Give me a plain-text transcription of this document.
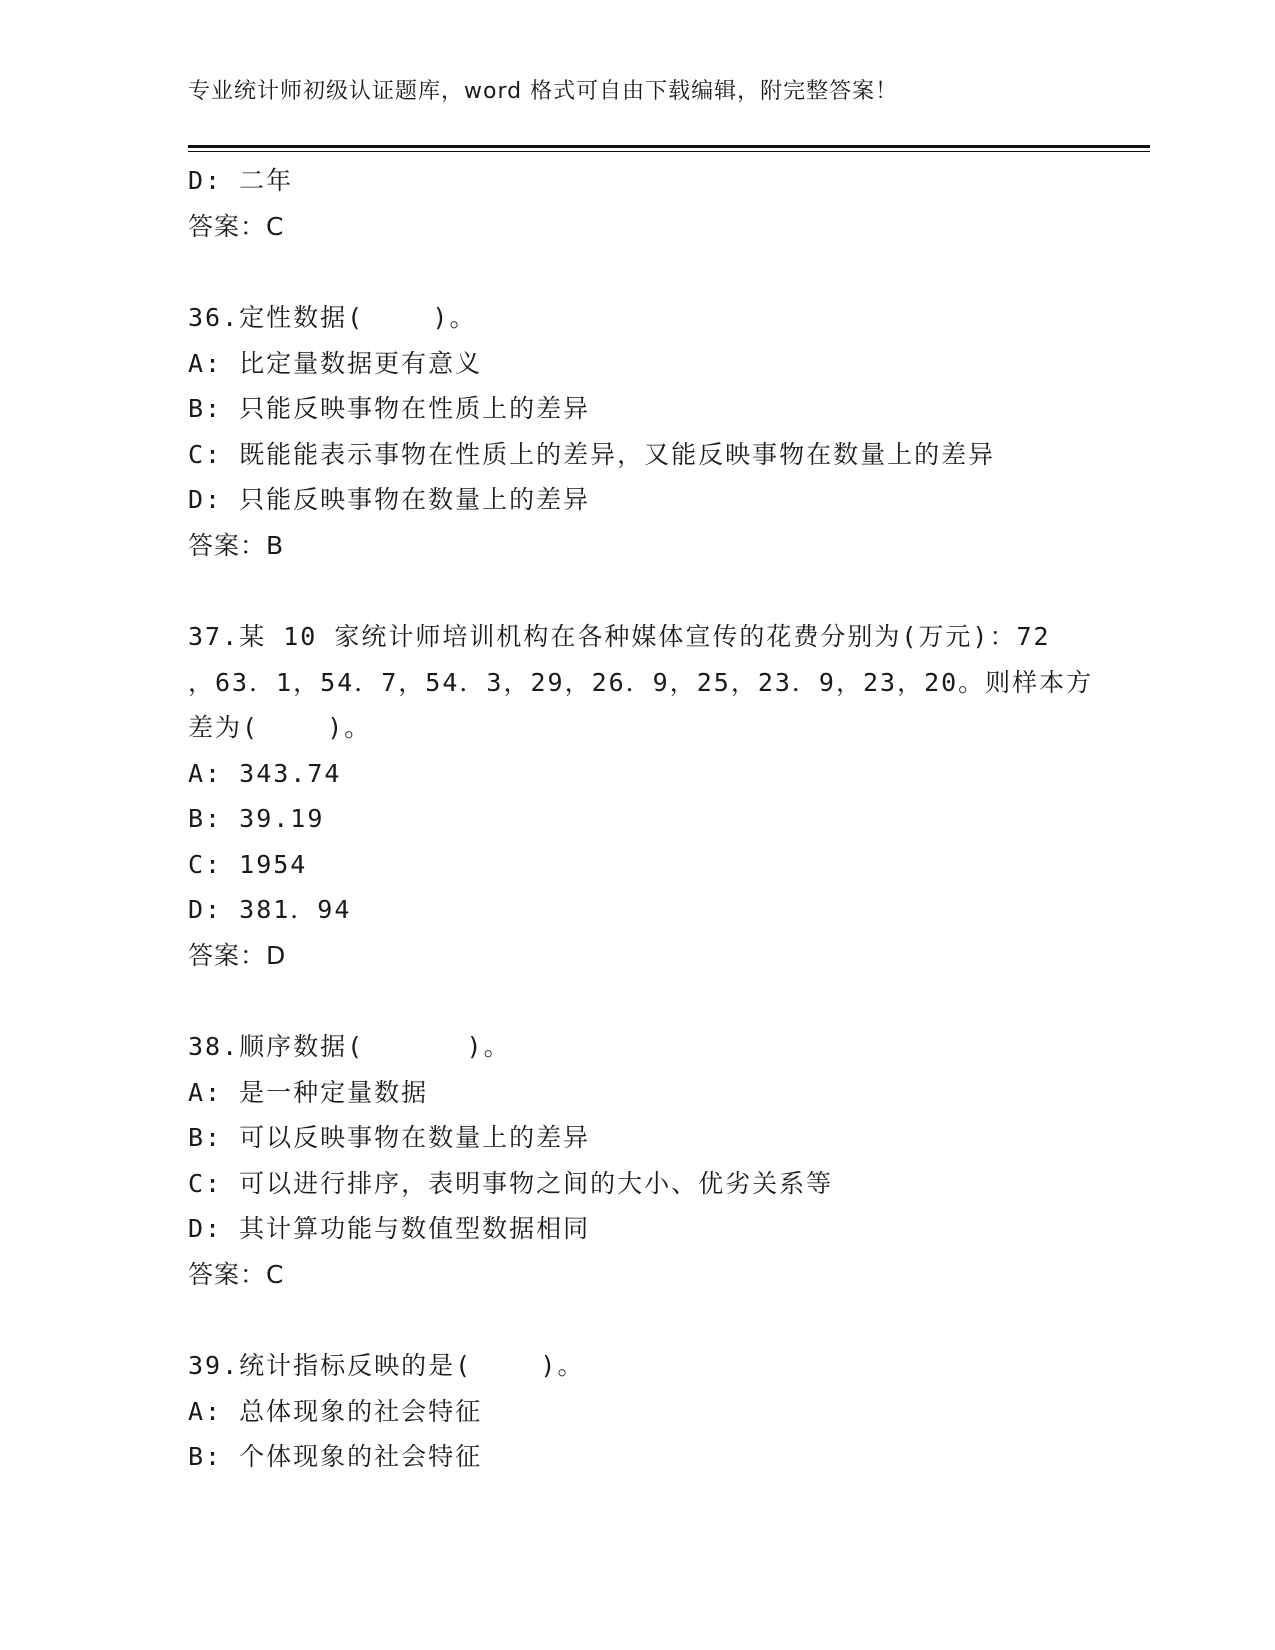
专业统计师初级认证题库，word 格式可自由下载编辑，附完整答案！
D: 二年
答案：C
36.定性数据(    )。
A: 比定量数据更有意义
B: 只能反映事物在性质上的差异
C: 既能能表示事物在性质上的差异，又能反映事物在数量上的差异
D: 只能反映事物在数量上的差异
答案：B
37.某 10 家统计师培训机构在各种媒体宣传的花费分别为(万元)：72
，63．1，54．7，54．3，29，26．9，25，23．9，23，20。则样本方
差为(    )。
A: 343.74
B: 39.19
C: 1954
D: 381．94
答案：D
38.顺序数据(      )。
A: 是一种定量数据
B: 可以反映事物在数量上的差异
C: 可以进行排序，表明事物之间的大小、优劣关系等
D: 其计算功能与数值型数据相同
答案：C
39.统计指标反映的是(    )。
A: 总体现象的社会特征
B: 个体现象的社会特征
